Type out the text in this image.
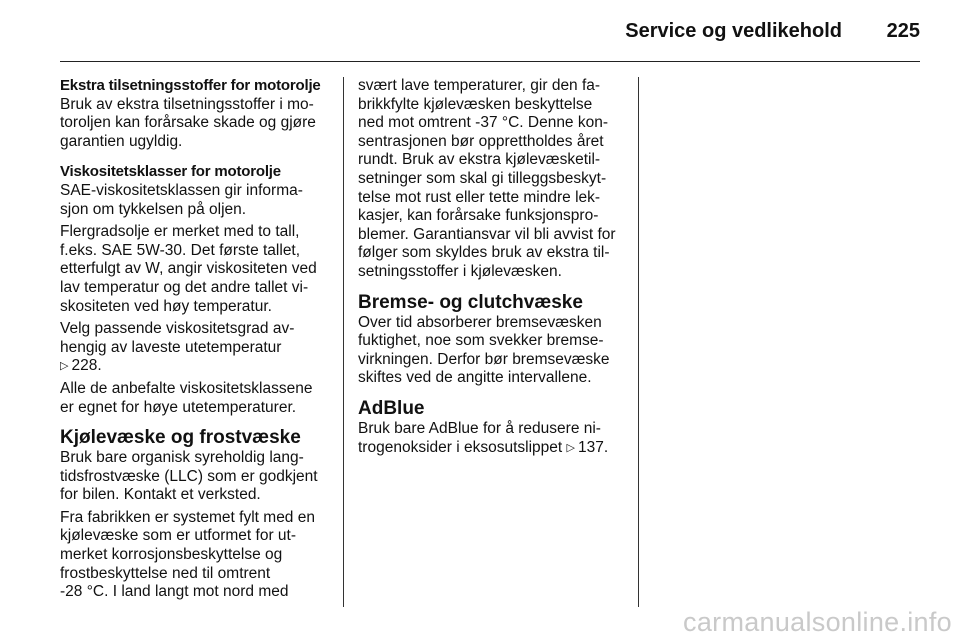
Service og vedlikehold 225
Ekstra tilsetningsstoffer for motorolje
Bruk av ekstra tilsetningsstoffer i mo-
toroljen kan forårsake skade og gjøre
garantien ugyldig.
Viskositetsklasser for motorolje
SAE-viskositetsklassen gir informa-
sjon om tykkelsen på oljen.
Flergradsolje er merket med to tall,
f.eks. SAE 5W-30. Det første tallet,
etterfulgt av W, angir viskositeten ved
lav temperatur og det andre tallet vi-
skositeten ved høy temperatur.
Velg passende viskositetsgrad av-
hengig av laveste utetemperatur
▷ 228.
Alle de anbefalte viskositetsklassene
er egnet for høye utetemperaturer.
Kjølevæske og frostvæske
Bruk bare organisk syreholdig lang-
tidsfrostvæske (LLC) som er godkjent
for bilen. Kontakt et verksted.
Fra fabrikken er systemet fylt med en
kjølevæske som er utformet for ut-
merket korrosjonsbeskyttelse og
frostbeskyttelse ned til omtrent
-28 °C. I land langt mot nord med
svært lave temperaturer, gir den fa-
brikkfylte kjølevæsken beskyttelse
ned mot omtrent -37 °C. Denne kon-
sentrasjonen bør opprettholdes året
rundt. Bruk av ekstra kjølevæsketil-
setninger som skal gi tilleggsbeskyt-
telse mot rust eller tette mindre lek-
kasjer, kan forårsake funksjonspro-
blemer. Garantiansvar vil bli avvist for
følger som skyldes bruk av ekstra til-
setningsstoffer i kjølevæsken.
Bremse- og clutchvæske
Over tid absorberer bremsevæsken
fuktighet, noe som svekker bremse-
virkningen. Derfor bør bremsevæske
skiftes ved de angitte intervallene.
AdBlue
Bruk bare AdBlue for å redusere ni-
trogenoksider i eksosutslippet ▷ 137.
carmanualsonline.info
